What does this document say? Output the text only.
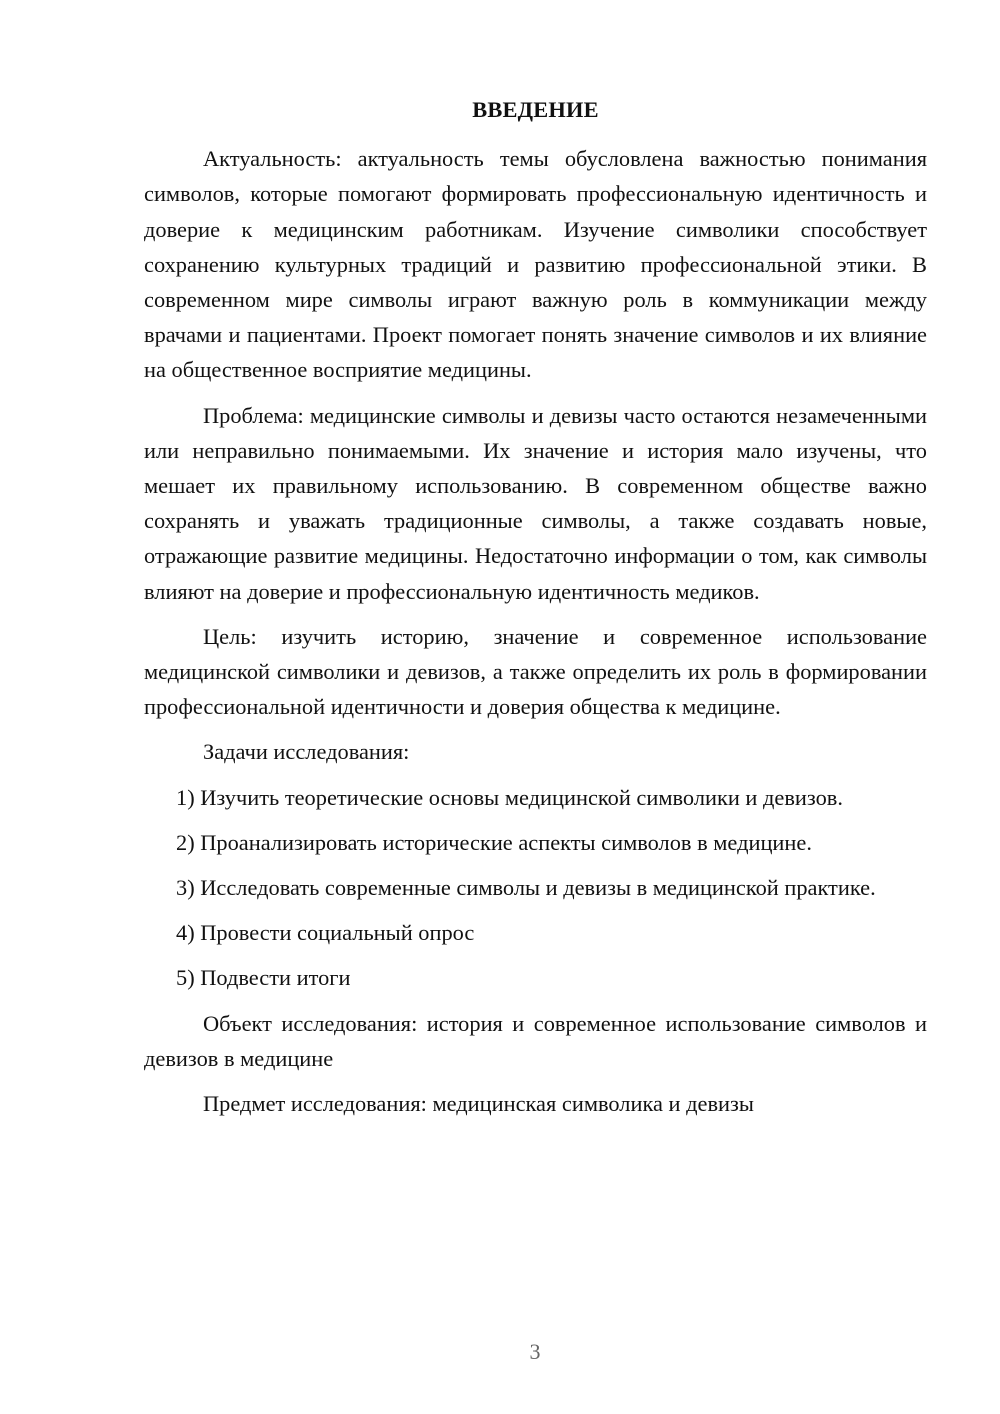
ВВЕДЕНИЕ

Актуальность: актуальность темы обусловлена важностью понимания символов, которые помогают формировать профессиональную идентичность и доверие к медицинским работникам. Изучение символики способствует сохранению культурных традиций и развитию профессиональной этики. В современном мире символы играют важную роль в коммуникации между врачами и пациентами. Проект помогает понять значение символов и их влияние на общественное восприятие медицины.

Проблема: медицинские символы и девизы часто остаются незамеченными или неправильно понимаемыми. Их значение и история мало изучены, что мешает их правильному использованию. В современном обществе важно сохранять и уважать традиционные символы, а также создавать новые, отражающие развитие медицины. Недостаточно информации о том, как символы влияют на доверие и профессиональную идентичность медиков.

Цель: изучить историю, значение и современное использование медицинской символики и девизов, а также определить их роль в формировании профессиональной идентичности и доверия общества к медицине.

Задачи исследования:

1) Изучить теоретические основы медицинской символики и девизов.

2) Проанализировать исторические аспекты символов в медицине.

3) Исследовать современные символы и девизы в медицинской практике.

4) Провести социальный опрос

5) Подвести итоги

Объект исследования: история и современное использование символов и девизов в медицине

Предмет исследования: медицинская символика и девизы

3
